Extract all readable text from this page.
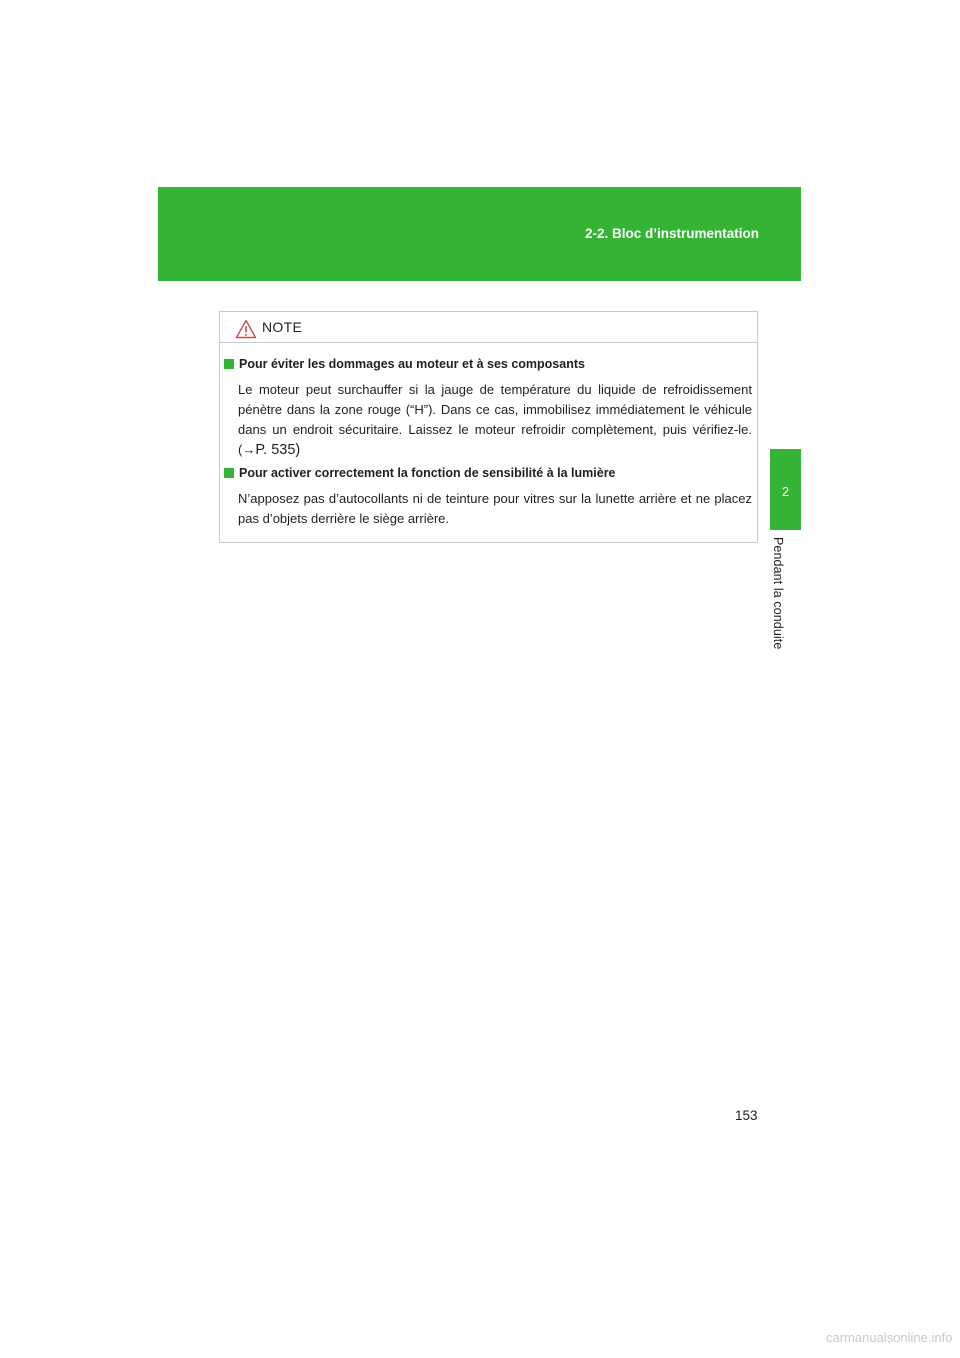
2-2. Bloc d’instrumentation
2
Pendant la conduite
NOTE
Pour éviter les dommages au moteur et à ses composants
Le moteur peut surchauffer si la jauge de température du liquide de refroidissement pénètre dans la zone rouge (“H”). Dans ce cas, immobilisez immédiatement le véhicule dans un endroit sécuritaire. Laissez le moteur refroidir complètement, puis vérifiez-le. (→P. 535)
Pour activer correctement la fonction de sensibilité à la lumière
N’apposez pas d’autocollants ni de teinture pour vitres sur la lunette arrière et ne placez pas d’objets derrière le siège arrière.
153
carmanualsonline.info
